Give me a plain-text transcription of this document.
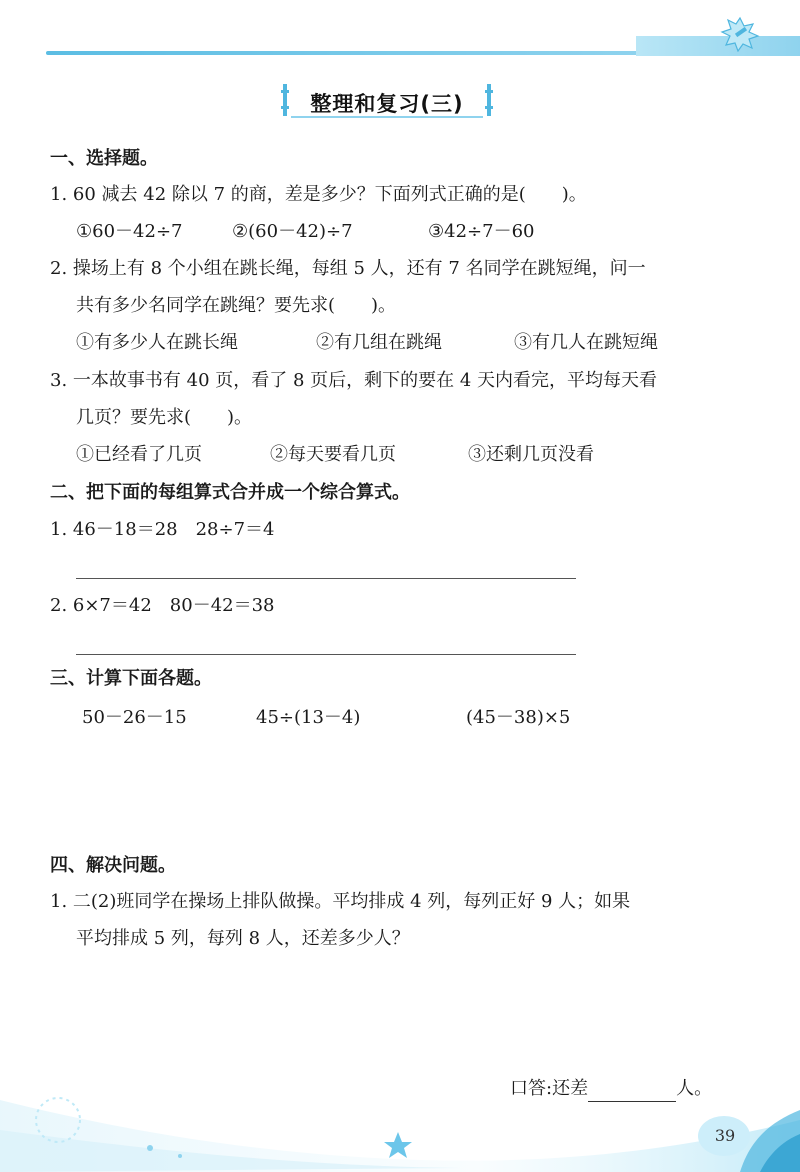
整理和复习(三)
一、选择题。
1. 60 减去 42 除以 7 的商，差是多少？下面列式正确的是(　　)。
①60－42÷7	②(60－42)÷7	③42÷7－60
2. 操场上有 8 个小组在跳长绳，每组 5 人，还有 7 名同学在跳短绳，问一
共有多少名同学在跳绳？要先求(　　)。
①有多少人在跳长绳	②有几组在跳绳	③有几人在跳短绳
3. 一本故事书有 40 页，看了 8 页后，剩下的要在 4 天内看完，平均每天看
几页？要先求(　　)。
①已经看了几页	②每天要看几页	③还剩几页没看
二、把下面的每组算式合并成一个综合算式。
1. 46－18＝28　28÷7＝4
2. 6×7＝42　80－42＝38
三、计算下面各题。
50－26－15	45÷(13－4)	(45－38)×5
四、解决问题。
1. 二(2)班同学在操场上排队做操。平均排成 4 列，每列正好 9 人；如果
平均排成 5 列，每列 8 人，还差多少人？
口答:还差	人。
39
